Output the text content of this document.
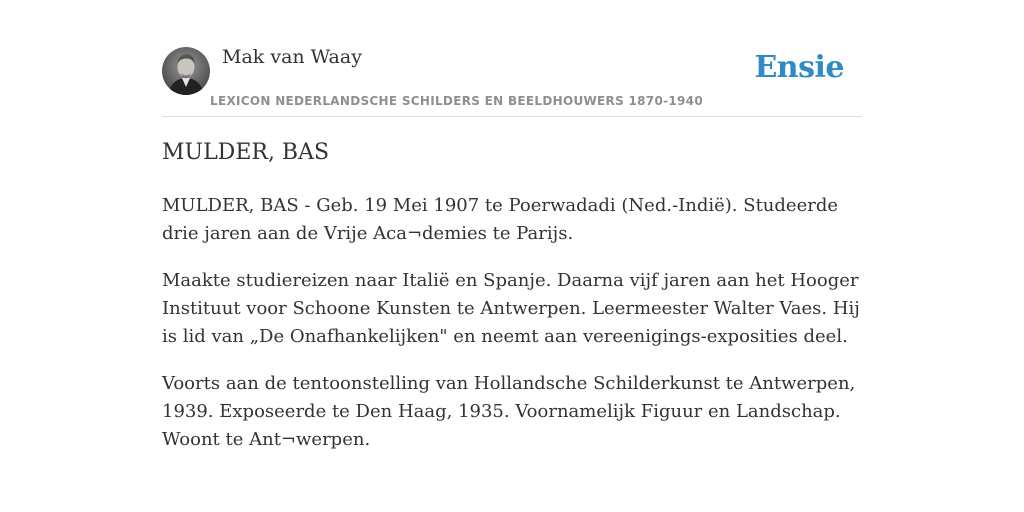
Mak van Waay
LEXICON NEDERLANDSCHE SCHILDERS EN BEELDHOUWERS 1870-1940
Ensie
MULDER, BAS

MULDER, BAS - Geb. 19 Mei 1907 te Poerwadadi (Ned.-Indië). Studeerde drie jaren aan de Vrije Aca¬demies te Parijs.

Maakte studiereizen naar Italië en Spanje. Daarna vijf jaren aan het Hooger Instituut voor Schoone Kunsten te Antwerpen. Leermeester Walter Vaes. Hij is lid van „De Onafhankelijken" en neemt aan vereenigings-exposities deel.

Voorts aan de tentoonstelling van Hollandsche Schilderkunst te Antwerpen, 1939. Exposeerde te Den Haag, 1935. Voornamelijk Figuur en Landschap. Woont te Ant¬werpen.
